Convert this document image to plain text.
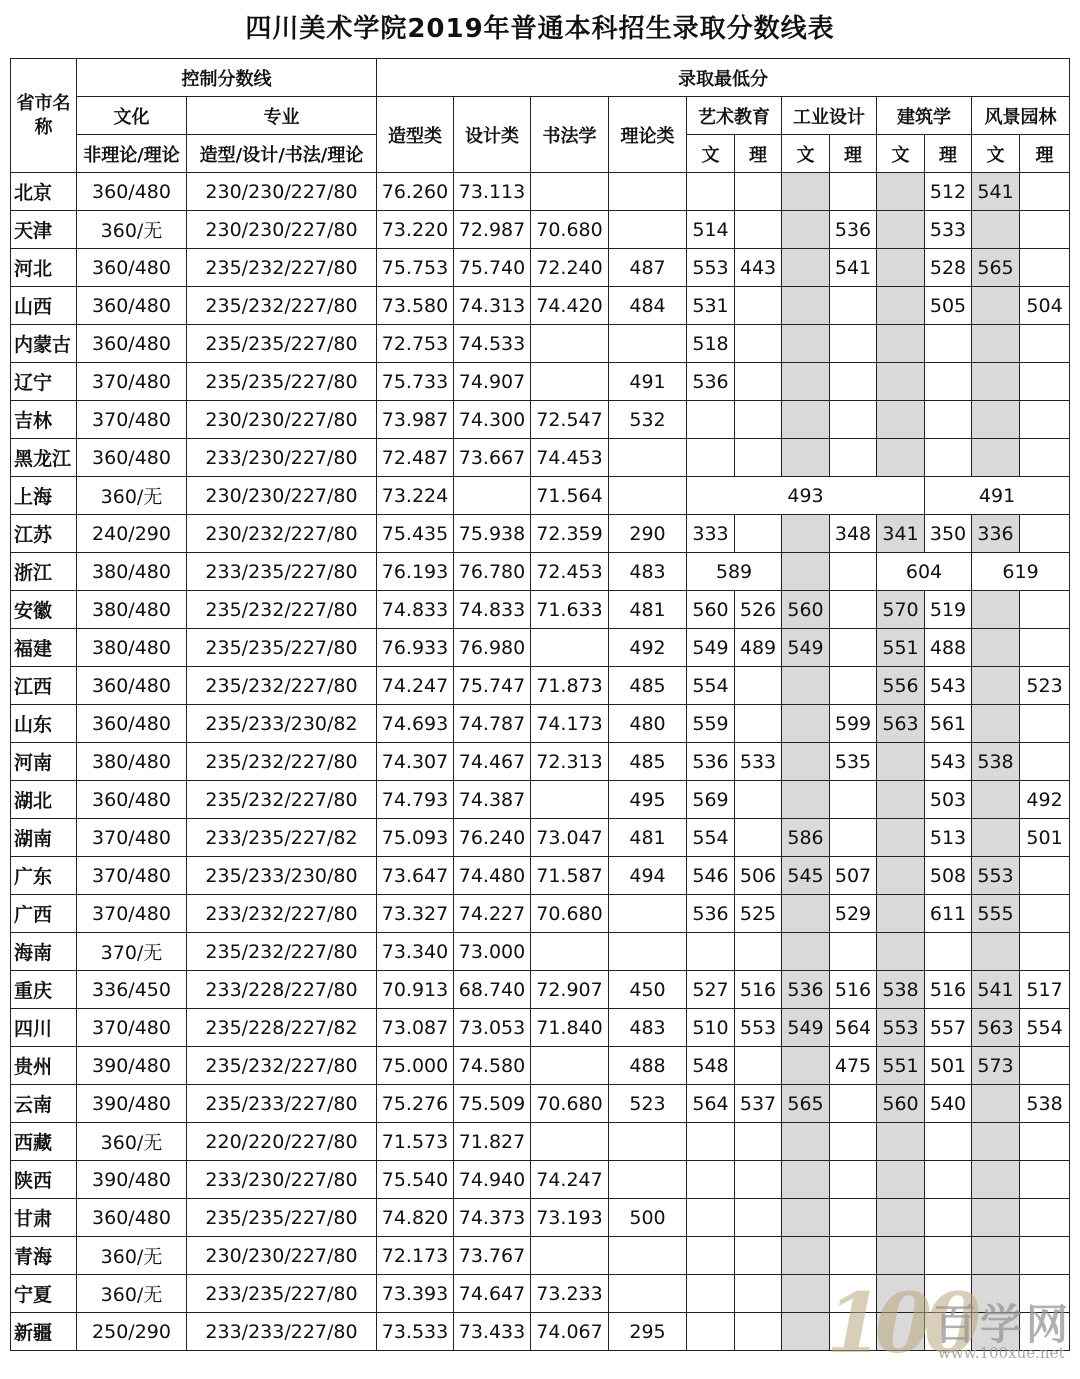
四川美术学院2019年普通本科招生录取分数线表
省市名称	控制分数线		录取最低分											
	文化	专业	造型类	设计类	书法学	理论类	艺术教育		工业设计		建筑学		风景园林	
	非理论/理论	造型/设计/书法/理论					文	理	文	理	文	理	文	理
北京	360/480	230/230/227/80	76.260	73.113								512	541	
天津	360/无	230/230/227/80	73.220	72.987	70.680		514			536		533		
河北	360/480	235/232/227/80	75.753	75.740	72.240	487	553	443		541		528	565	
山西	360/480	235/232/227/80	73.580	74.313	74.420	484	531					505		504
内蒙古	360/480	235/235/227/80	72.753	74.533			518							
辽宁	370/480	235/235/227/80	75.733	74.907		491	536							
吉林	370/480	230/230/227/80	73.987	74.300	72.547	532								
黑龙江	360/480	233/230/227/80	72.487	73.667	74.453									
上海	360/无	230/230/227/80	73.224		71.564		493					491		
江苏	240/290	230/232/227/80	75.435	75.938	72.359	290	333			348	341	350	336	
浙江	380/480	233/235/227/80	76.193	76.780	72.453	483	589				604		619	
安徽	380/480	235/232/227/80	74.833	74.833	71.633	481	560	526	560		570	519		
福建	380/480	235/235/227/80	76.933	76.980		492	549	489	549		551	488		
江西	360/480	235/232/227/80	74.247	75.747	71.873	485	554				556	543		523
山东	360/480	235/233/230/82	74.693	74.787	74.173	480	559			599	563	561		
河南	380/480	235/232/227/80	74.307	74.467	72.313	485	536	533		535		543	538	
湖北	360/480	235/232/227/80	74.793	74.387		495	569					503		492
湖南	370/480	233/235/227/82	75.093	76.240	73.047	481	554		586			513		501
广东	370/480	235/233/230/80	73.647	74.480	71.587	494	546	506	545	507		508	553	
广西	370/480	233/232/227/80	73.327	74.227	70.680		536	525		529		611	555	
海南	370/无	235/232/227/80	73.340	73.000										
重庆	336/450	233/228/227/80	70.913	68.740	72.907	450	527	516	536	516	538	516	541	517
四川	370/480	235/228/227/82	73.087	73.053	71.840	483	510	553	549	564	553	557	563	554
贵州	390/480	235/232/227/80	75.000	74.580		488	548			475	551	501	573	
云南	390/480	235/233/227/80	75.276	75.509	70.680	523	564	537	565		560	540		538
西藏	360/无	220/220/227/80	71.573	71.827										
陕西	390/480	233/230/227/80	75.540	74.940	74.247									
甘肃	360/480	235/235/227/80	74.820	74.373	73.193	500								
青海	360/无	230/230/227/80	72.173	73.767										
宁夏	360/无	233/235/227/80	73.393	74.647	73.233									
新疆	250/290	233/233/227/80	73.533	73.433	74.067	295								100
百学网
www.100xue.net
